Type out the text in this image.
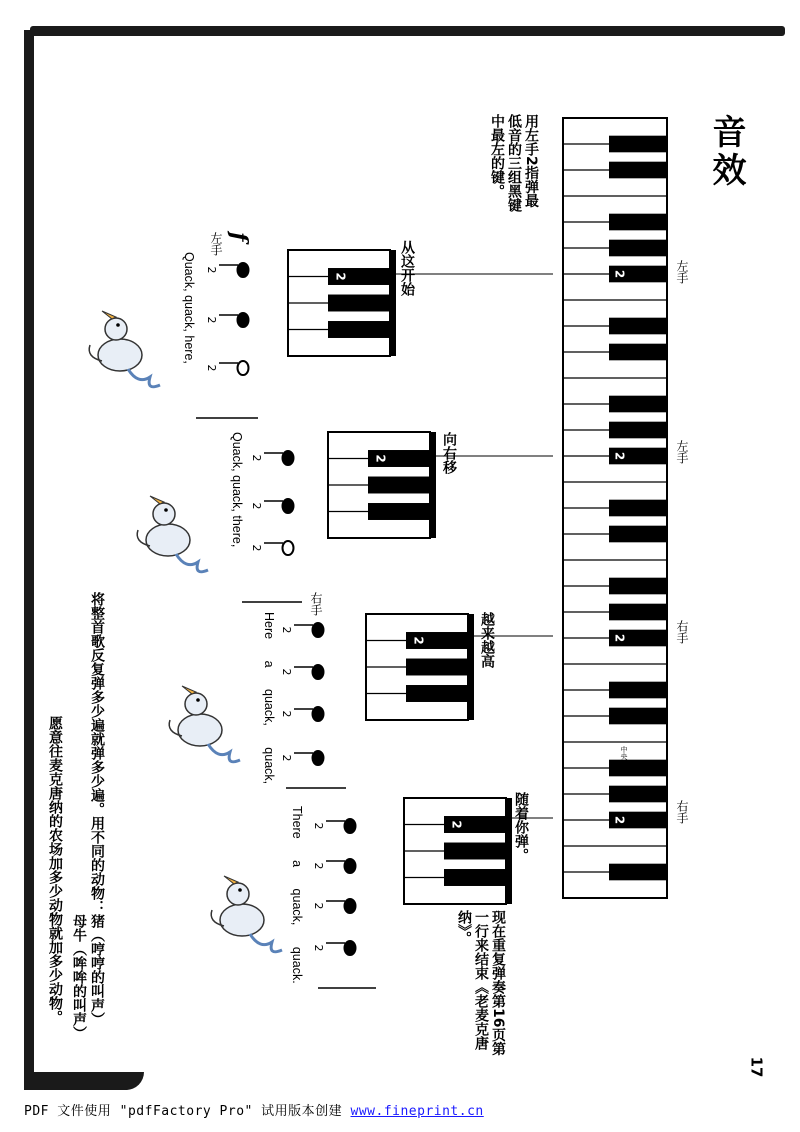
音效
用左手2指弹最低音的三组黑键中最左的键。
2
2
2
2
2
2
2
2
2
2
2
2
2
2
2
2
2
2
2
2
2
2
左手
左手
右手
右手
中央C
从这开始
向右移
越来越高
随着你弹。
左手
右手
f
Quack, quack, here,
Quack, quack, there,
Here a quack, quack,
There a quack, quack.	现在重复弹奏第16页第一行来结束《老麦克唐纳》。
将整首歌反复弹多少遍就弹多少遍。用不同的动物：猪（哼哼的叫声）
母牛（哞哞的叫声）
愿意往麦克唐纳的农场加多少动物就加多少动物。
17
PDF 文件使用 "pdfFactory Pro" 试用版本创建 www.fineprint.cn
